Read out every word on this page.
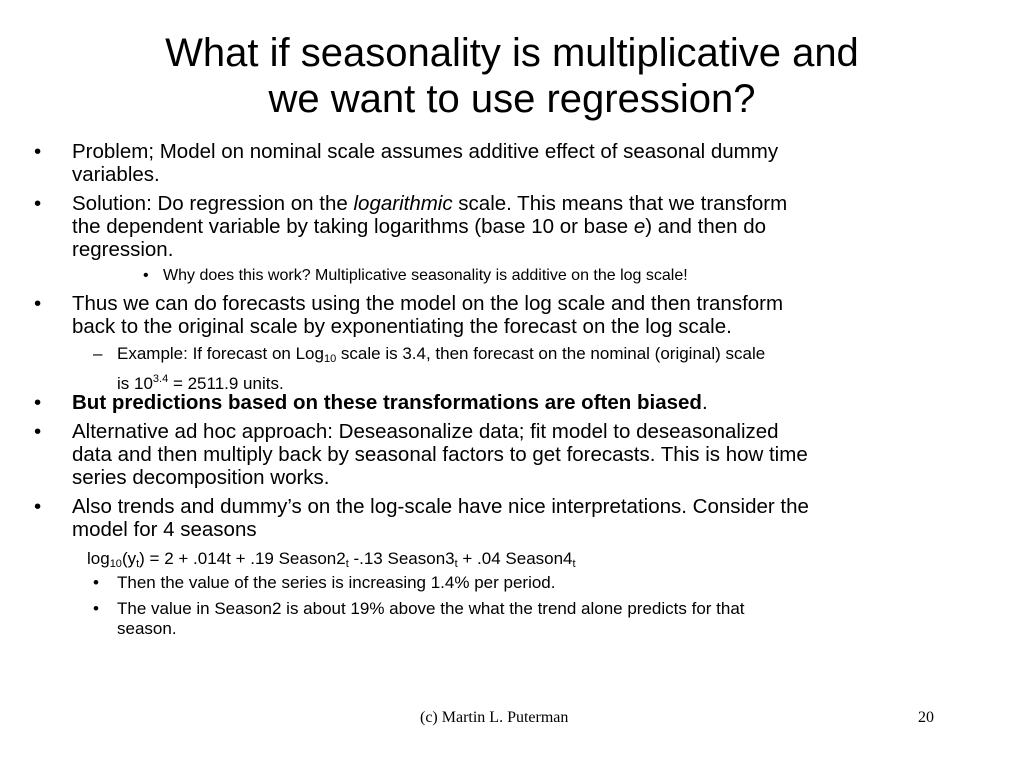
What if seasonality is multiplicative and
we want to use regression?
• Problem; Model on nominal scale assumes additive effect of seasonal dummy
variables.
• Solution: Do regression on the logarithmic scale. This means that we transform
the dependent variable by taking logarithms (base 10 or base e) and then do
regression.
• Why does this work? Multiplicative seasonality is additive on the log scale!
• Thus we can do forecasts using the model on the log scale and then transform
back to the original scale by exponentiating the forecast on the log scale.
– Example: If forecast on Log$_{10}$ scale is 3.4, then forecast on the nominal (original) scale
is $10^{3.4} = 2511.9$ units.
• But predictions based on these transformations are often biased.
• Alternative ad hoc approach: Deseasonalize data; fit model to deseasonalized
data and then multiply back by seasonal factors to get forecasts. This is how time
series decomposition works.
• Also trends and dummy’s on the log-scale have nice interpretations. Consider the
model for 4 seasons
$\log_{10}(y_t) = 2 + .014t + .19$ $Season2_t$ -.13 $Season3_t + .04$ $Season4_t$
• Then the value of the series is increasing 1.4% per period.
• The value in Season2 is about 19% above the what the trend alone predicts for that
season.
(c) Martin L. Puterman	20
